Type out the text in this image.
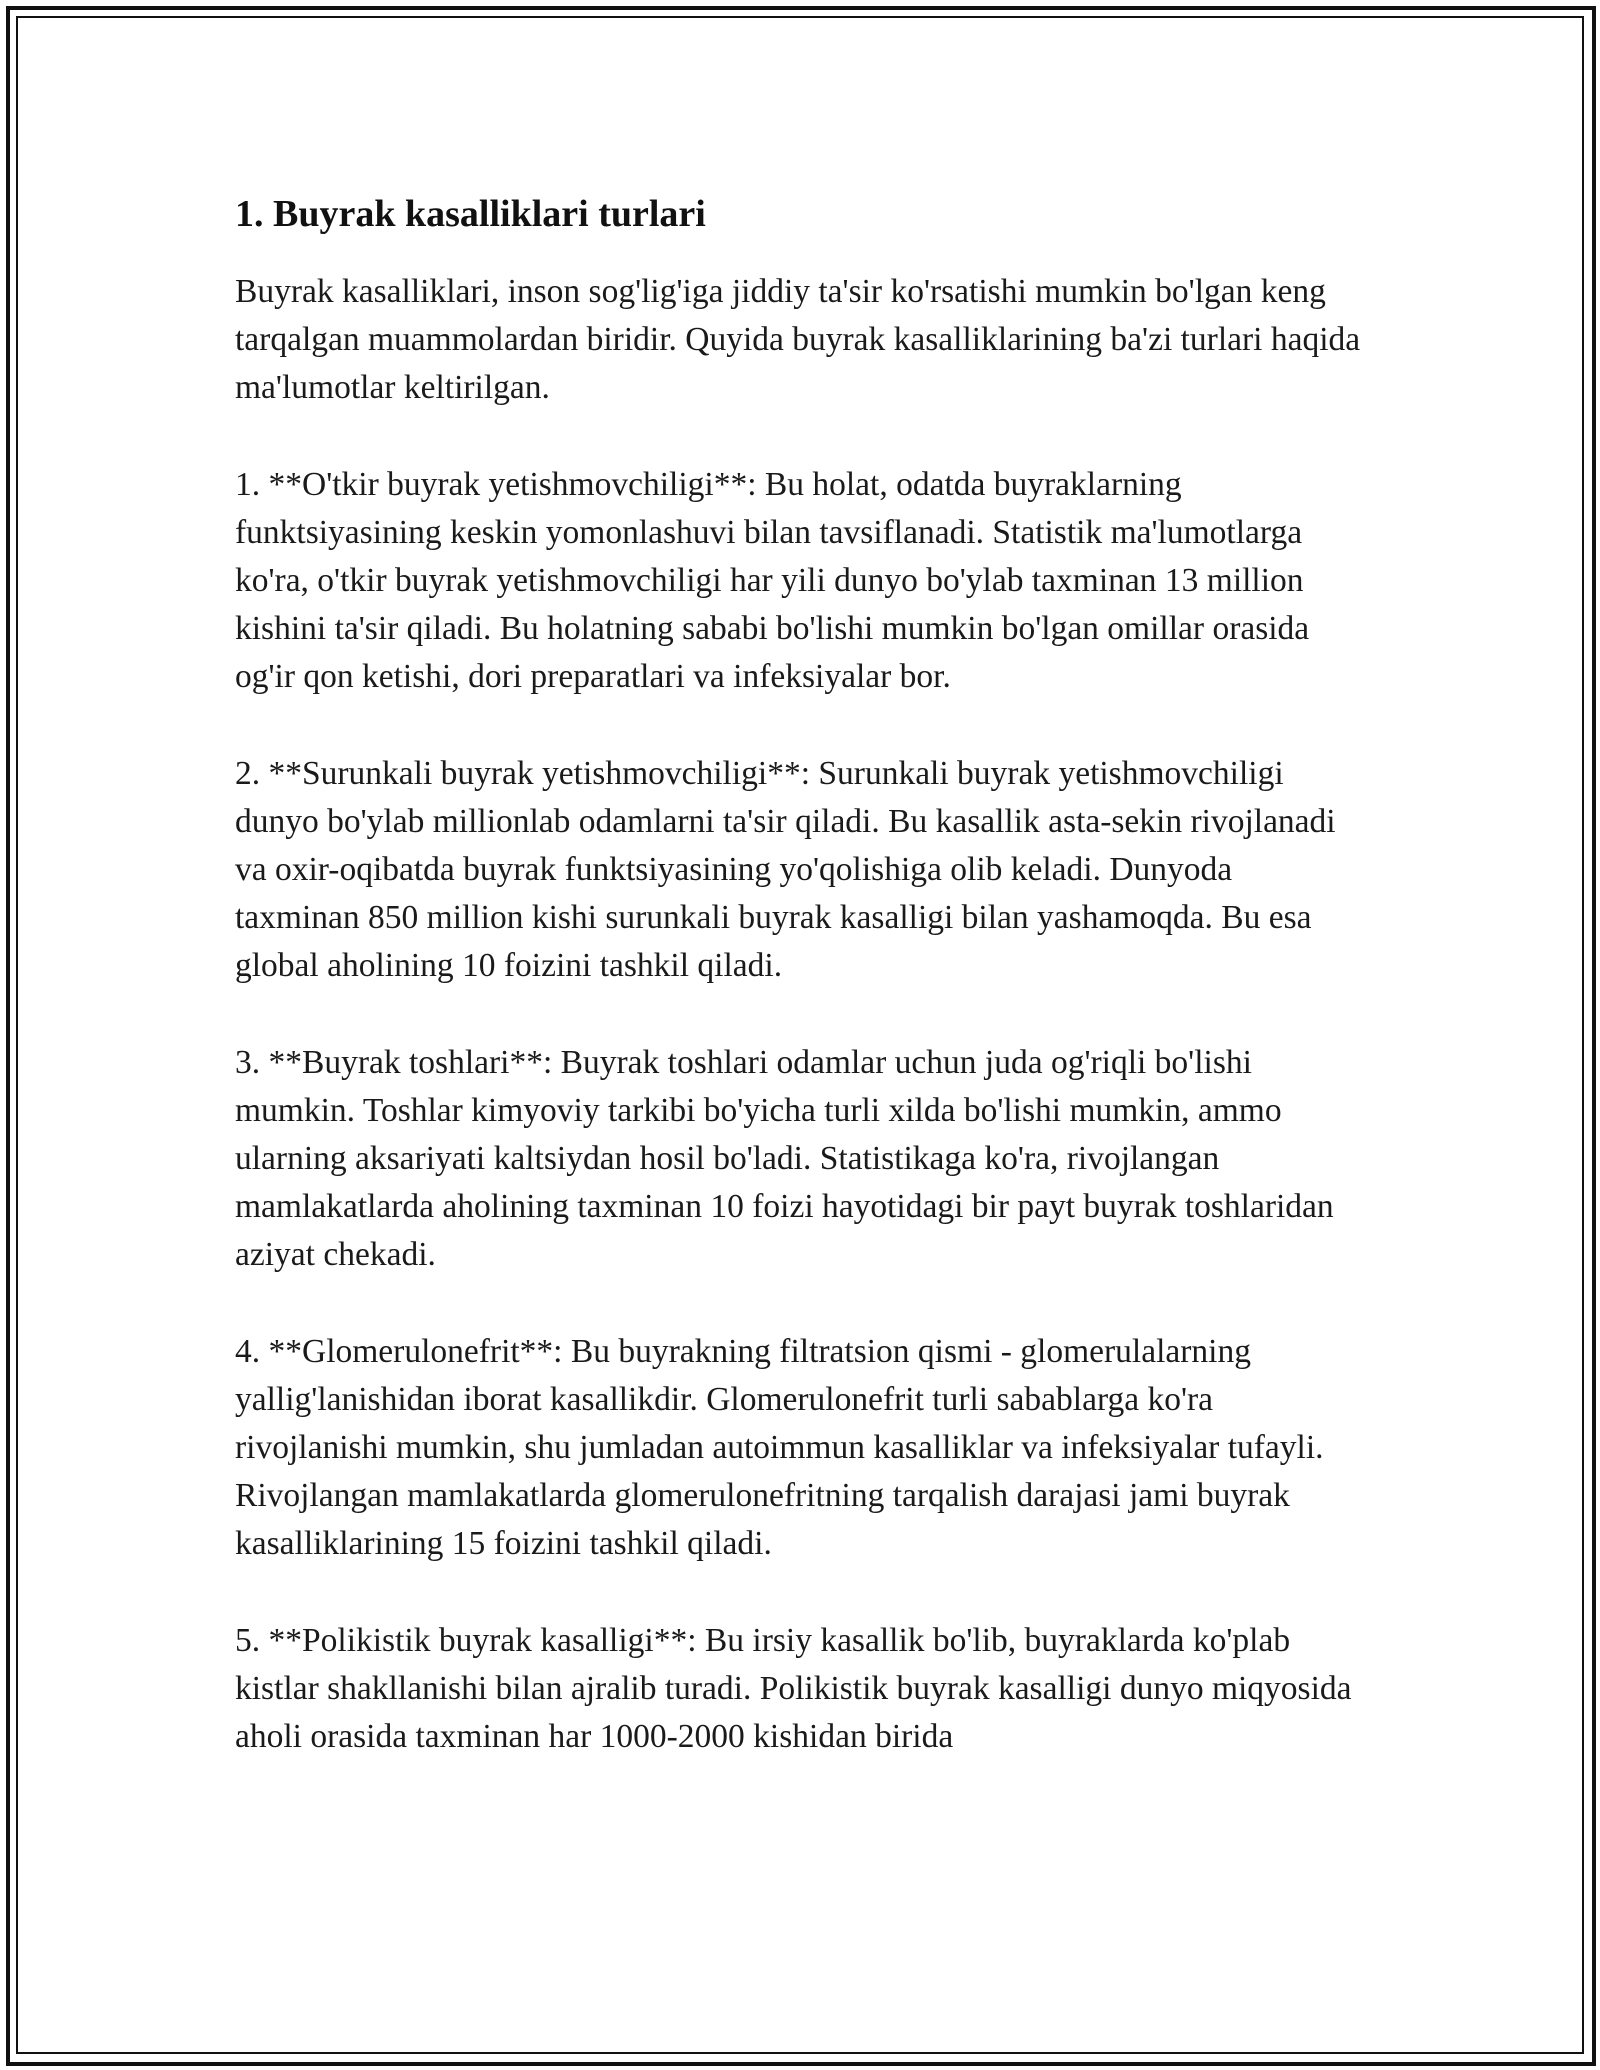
1. Buyrak kasalliklari turlari

Buyrak kasalliklari, inson sog'lig'iga jiddiy ta'sir ko'rsatishi mumkin bo'lgan keng tarqalgan muammolardan biridir. Quyida buyrak kasalliklarining ba'zi turlari haqida ma'lumotlar keltirilgan.

1. **O'tkir buyrak yetishmovchiligi**: Bu holat, odatda buyraklarning funktsiyasining keskin yomonlashuvi bilan tavsiflanadi. Statistik ma'lumotlarga ko'ra, o'tkir buyrak yetishmovchiligi har yili dunyo bo'ylab taxminan 13 million kishini ta'sir qiladi. Bu holatning sababi bo'lishi mumkin bo'lgan omillar orasida og'ir qon ketishi, dori preparatlari va infeksiyalar bor.

2. **Surunkali buyrak yetishmovchiligi**: Surunkali buyrak yetishmovchiligi dunyo bo'ylab millionlab odamlarni ta'sir qiladi. Bu kasallik asta-sekin rivojlanadi va oxir-oqibatda buyrak funktsiyasining yo'qolishiga olib keladi. Dunyoda taxminan 850 million kishi surunkali buyrak kasalligi bilan yashamoqda. Bu esa global aholining 10 foizini tashkil qiladi.

3. **Buyrak toshlari**: Buyrak toshlari odamlar uchun juda og'riqli bo'lishi mumkin. Toshlar kimyoviy tarkibi bo'yicha turli xilda bo'lishi mumkin, ammo ularning aksariyati kaltsiydan hosil bo'ladi. Statistikaga ko'ra, rivojlangan mamlakatlarda aholining taxminan 10 foizi hayotidagi bir payt buyrak toshlaridan aziyat chekadi.

4. **Glomerulonefrit**: Bu buyrakning filtratsion qismi - glomerulalarning yallig'lanishidan iborat kasallikdir. Glomerulonefrit turli sabablarga ko'ra rivojlanishi mumkin, shu jumladan autoimmun kasalliklar va infeksiyalar tufayli. Rivojlangan mamlakatlarda glomerulonefritning tarqalish darajasi jami buyrak kasalliklarining 15 foizini tashkil qiladi.

5. **Polikistik buyrak kasalligi**: Bu irsiy kasallik bo'lib, buyraklarda ko'plab kistlar shakllanishi bilan ajralib turadi. Polikistik buyrak kasalligi dunyo miqyosida aholi orasida taxminan har 1000-2000 kishidan birida
